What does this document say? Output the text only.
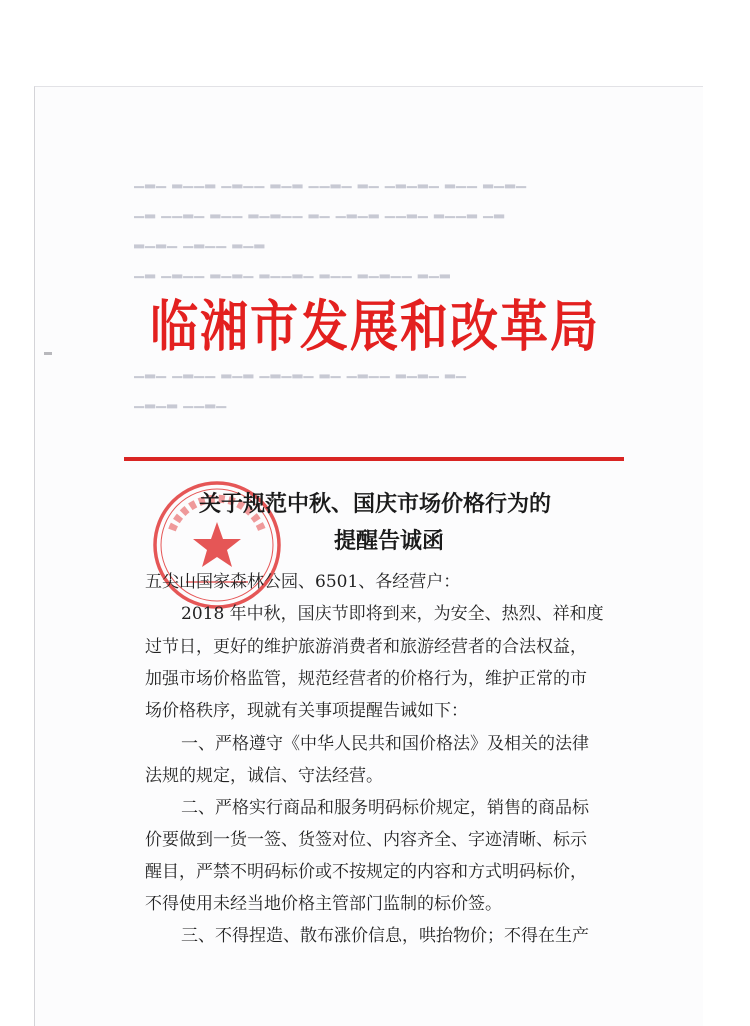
▁▂▁ ▂▁▁▂ ▁▂▁▁ ▂▁▂ ▁▁▂▁ ▂▁ ▁▂▁▂▁ ▂▁▁ ▂▁▂▁
▁▂ ▁▁▂▁ ▂▁▁ ▂▁▂▁▁ ▂▁ ▁▂▁▂ ▁▁▂▁ ▂▁▁▂ ▁▂
▂▁▂▁ ▁▂▁▁ ▂▁▂
▁▂ ▁▂▁▁ ▂▁▂▁ ▂▁▁▂▁ ▂▁▁ ▂▁▂▁▁ ▂▁▂
▁▂▁ ▁▂▁▁ ▂▁▂ ▁▂▁▂▁ ▂▁ ▁▂▁▁ ▂▁▂▁ ▂▁
▁▂▁▂ ▁▁▂▁
临湘市发展和改革局
关于规范中秋、国庆市场价格行为的
提醒告诚函
五尖山国家森林公园、6501、各经营户：
2018 年中秋，国庆节即将到来，为安全、热烈、祥和度
过节日，更好的维护旅游消费者和旅游经营者的合法权益，
加强市场价格监管，规范经营者的价格行为，维护正常的市
场价格秩序，现就有关事项提醒告诫如下：
一、严格遵守《中华人民共和国价格法》及相关的法律
法规的规定，诚信、守法经营。
二、严格实行商品和服务明码标价规定，销售的商品标
价要做到一货一签、货签对位、内容齐全、字迹清晰、标示
醒目，严禁不明码标价或不按规定的内容和方式明码标价，
不得使用未经当地价格主管部门监制的标价签。
三、不得捏造、散布涨价信息，哄抬物价；不得在生产
